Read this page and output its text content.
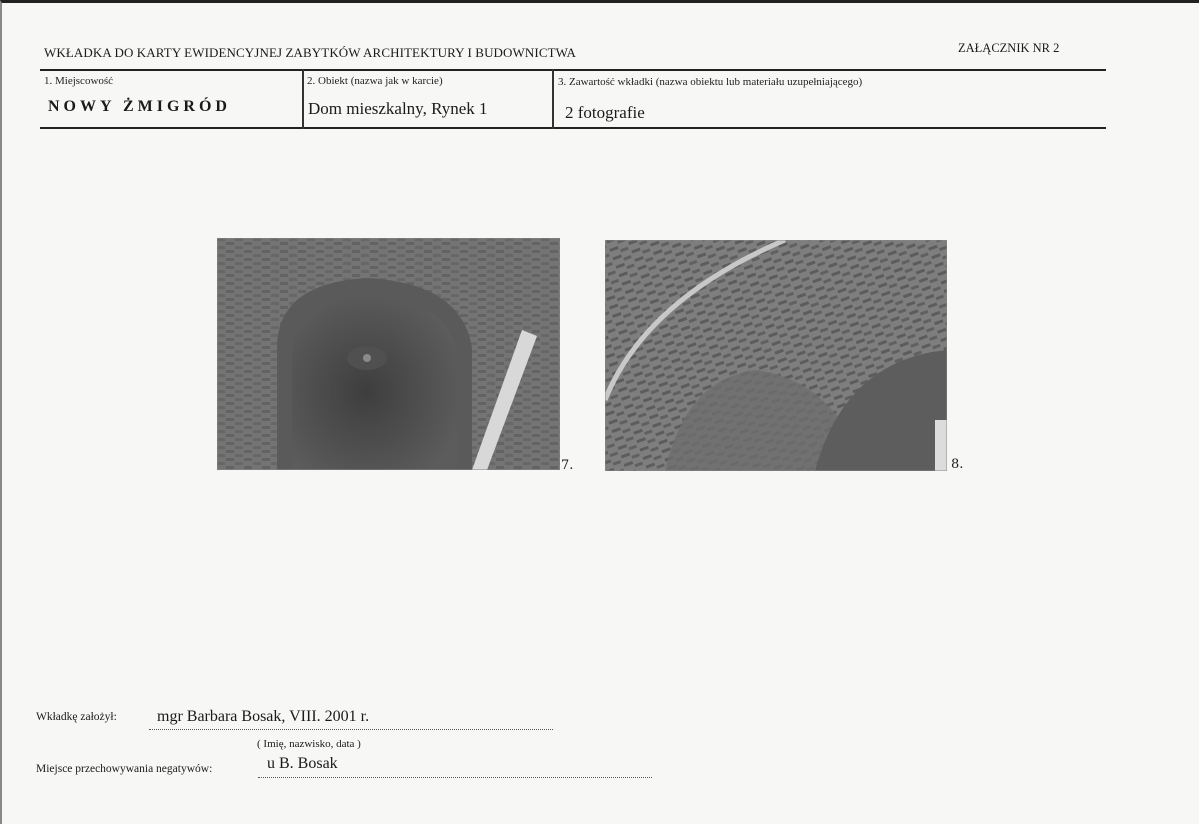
WKŁADKA DO KARTY EWIDENCYJNEJ ZABYTKÓW ARCHITEKTURY I BUDOWNICTWA	ZAŁĄCZNIK NR 2
1. Miejscowość
NOWY ŻMIGRÓD
2. Obiekt (nazwa jak w karcie)
Dom mieszkalny, Rynek 1
3. Zawartość wkładki (nazwa obiektu lub materiału uzupełniającego)
2 fotografie
7.	8.
Wkładkę założył:	mgr Barbara Bosak, VIII. 2001 r.
( Imię, nazwisko, data )
Miejsce przechowywania negatywów:	u B. Bosak
